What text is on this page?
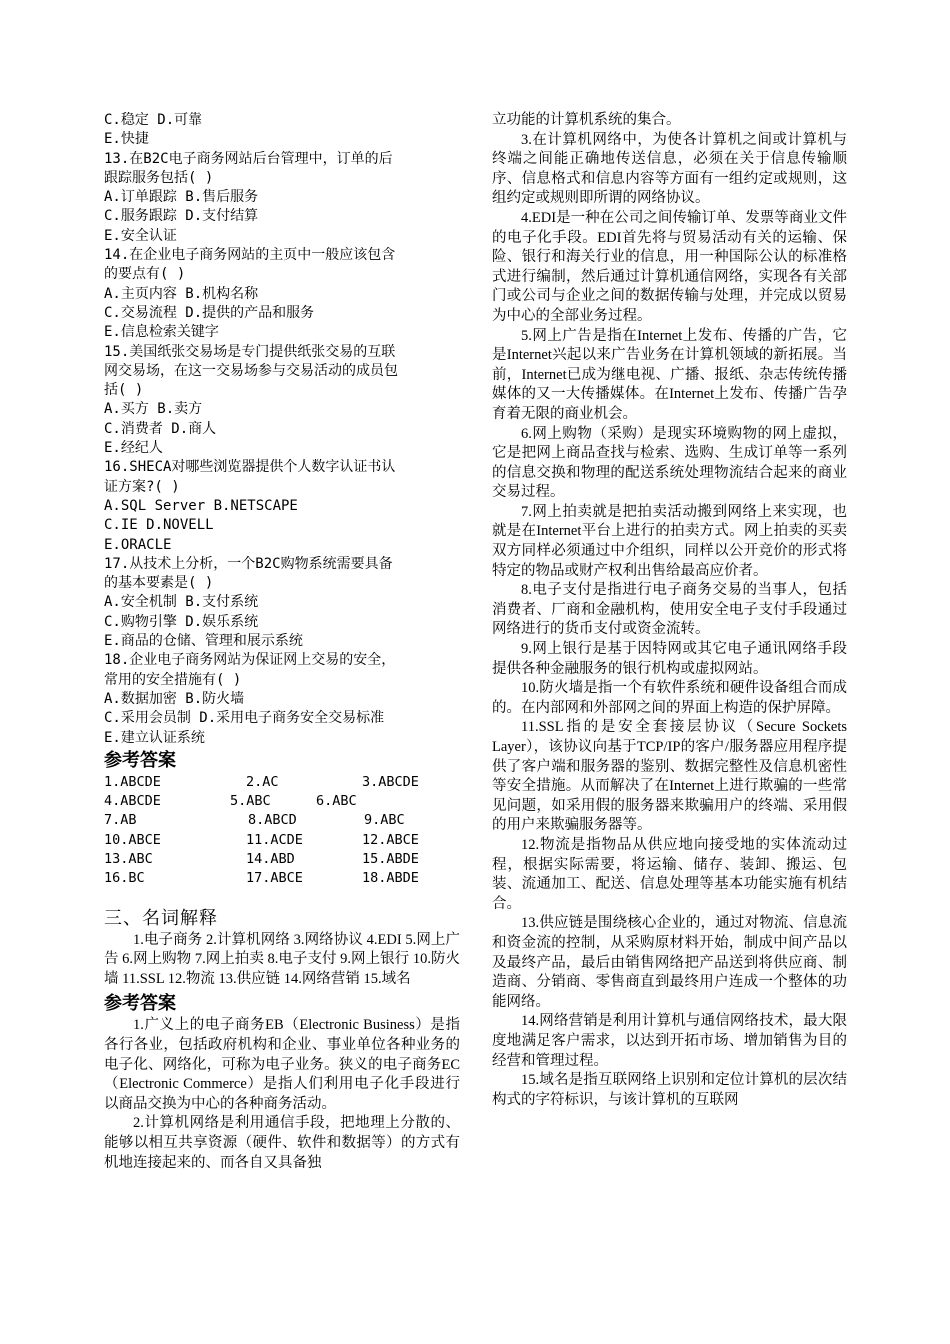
C.稳定 D.可靠
E.快捷
13.在B2C电子商务网站后台管理中，订单的后
跟踪服务包括( )
A.订单跟踪 B.售后服务
C.服务跟踪 D.支付结算
E.安全认证
14.在企业电子商务网站的主页中一般应该包含
的要点有( )
A.主页内容 B.机构名称
C.交易流程 D.提供的产品和服务
E.信息检索关键字
15.美国纸张交易场是专门提供纸张交易的互联
网交易场，在这一交易场参与交易活动的成员包
括( )
A.买方 B.卖方
C.消费者 D.商人
E.经纪人
16.SHECA对哪些浏览器提供个人数字认证书认
证方案?( )
A.SQL Server B.NETSCAPE
C.IE D.NOVELL
E.ORACLE
17.从技术上分析，一个B2C购物系统需要具备
的基本要素是( )
A.安全机制 B.支付系统
C.购物引擎 D.娱乐系统
E.商品的仓储、管理和展示系统
18.企业电子商务网站为保证网上交易的安全，
常用的安全措施有( )
A.数据加密 B.防火墙
C.采用会员制 D.采用电子商务安全交易标准
E.建立认证系统
参考答案
1.ABCDE	2.AC	3.ABCDE
4.ABCDE	5.ABC	6.ABC
7.AB	8.ABCD	9.ABC
10.ABCE	11.ACDE	12.ABCE
13.ABC	14.ABD	15.ABDE
16.BC	17.ABCE	18.ABDE
三、名词解释

1.电子商务 2.计算机网络 3.网络协议 4.EDI 5.网上广告 6.网上购物 7.网上拍卖 8.电子支付 9.网上银行 10.防火墙 11.SSL 12.物流 13.供应链 14.网络营销 15.域名

参考答案

1.广义上的电子商务EB（Electronic Business）是指各行各业，包括政府机构和企业、事业单位各种业务的电子化、网络化，可称为电子业务。狭义的电子商务EC（Electronic Commerce）是指人们利用电子化手段进行以商品交换为中心的各种商务活动。

2.计算机网络是利用通信手段，把地理上分散的、能够以相互共享资源（硬件、软件和数据等）的方式有机地连接起来的、而各自又具备独

立功能的计算机系统的集合。

3.在计算机网络中，为使各计算机之间或计算机与终端之间能正确地传送信息，必须在关于信息传输顺序、信息格式和信息内容等方面有一组约定或规则，这组约定或规则即所谓的网络协议。

4.EDI是一种在公司之间传输订单、发票等商业文件的电子化手段。EDI首先将与贸易活动有关的运输、保险、银行和海关行业的信息，用一种国际公认的标准格式进行编制，然后通过计算机通信网络，实现各有关部门或公司与企业之间的数据传输与处理，并完成以贸易为中心的全部业务过程。

5.网上广告是指在Internet上发布、传播的广告，它是Internet兴起以来广告业务在计算机领域的新拓展。当前，Internet已成为继电视、广播、报纸、杂志传统传播媒体的又一大传播媒体。在Internet上发布、传播广告孕育着无限的商业机会。

6.网上购物（采购）是现实环境购物的网上虚拟，它是把网上商品查找与检索、选购、生成订单等一系列的信息交换和物理的配送系统处理物流结合起来的商业交易过程。

7.网上拍卖就是把拍卖活动搬到网络上来实现，也就是在Internet平台上进行的拍卖方式。网上拍卖的买卖双方同样必须通过中介组织，同样以公开竞价的形式将特定的物品或财产权利出售给最高应价者。

8.电子支付是指进行电子商务交易的当事人，包括消费者、厂商和金融机构，使用安全电子支付手段通过网络进行的货币支付或资金流转。

9.网上银行是基于因特网或其它电子通讯网络手段提供各种金融服务的银行机构或虚拟网站。

10.防火墙是指一个有软件系统和硬件设备组合而成的。在内部网和外部网之间的界面上构造的保护屏障。

11.SSL指的是安全套接层协议（Secure Sockets Layer），该协议向基于TCP/IP的客户/服务器应用程序提供了客户端和服务器的鉴别、数据完整性及信息机密性等安全措施。从而解决了在Internet上进行欺骗的一些常见问题，如采用假的服务器来欺骗用户的终端、采用假的用户来欺骗服务器等。

12.物流是指物品从供应地向接受地的实体流动过程，根据实际需要，将运输、储存、装卸、搬运、包装、流通加工、配送、信息处理等基本功能实施有机结合。

13.供应链是围绕核心企业的，通过对物流、信息流和资金流的控制，从采购原材料开始，制成中间产品以及最终产品，最后由销售网络把产品送到将供应商、制造商、分销商、零售商直到最终用户连成一个整体的功能网络。

14.网络营销是利用计算机与通信网络技术，最大限度地满足客户需求，以达到开拓市场、增加销售为目的经营和管理过程。

15.域名是指互联网络上识别和定位计算机的层次结构式的字符标识，与该计算机的互联网
